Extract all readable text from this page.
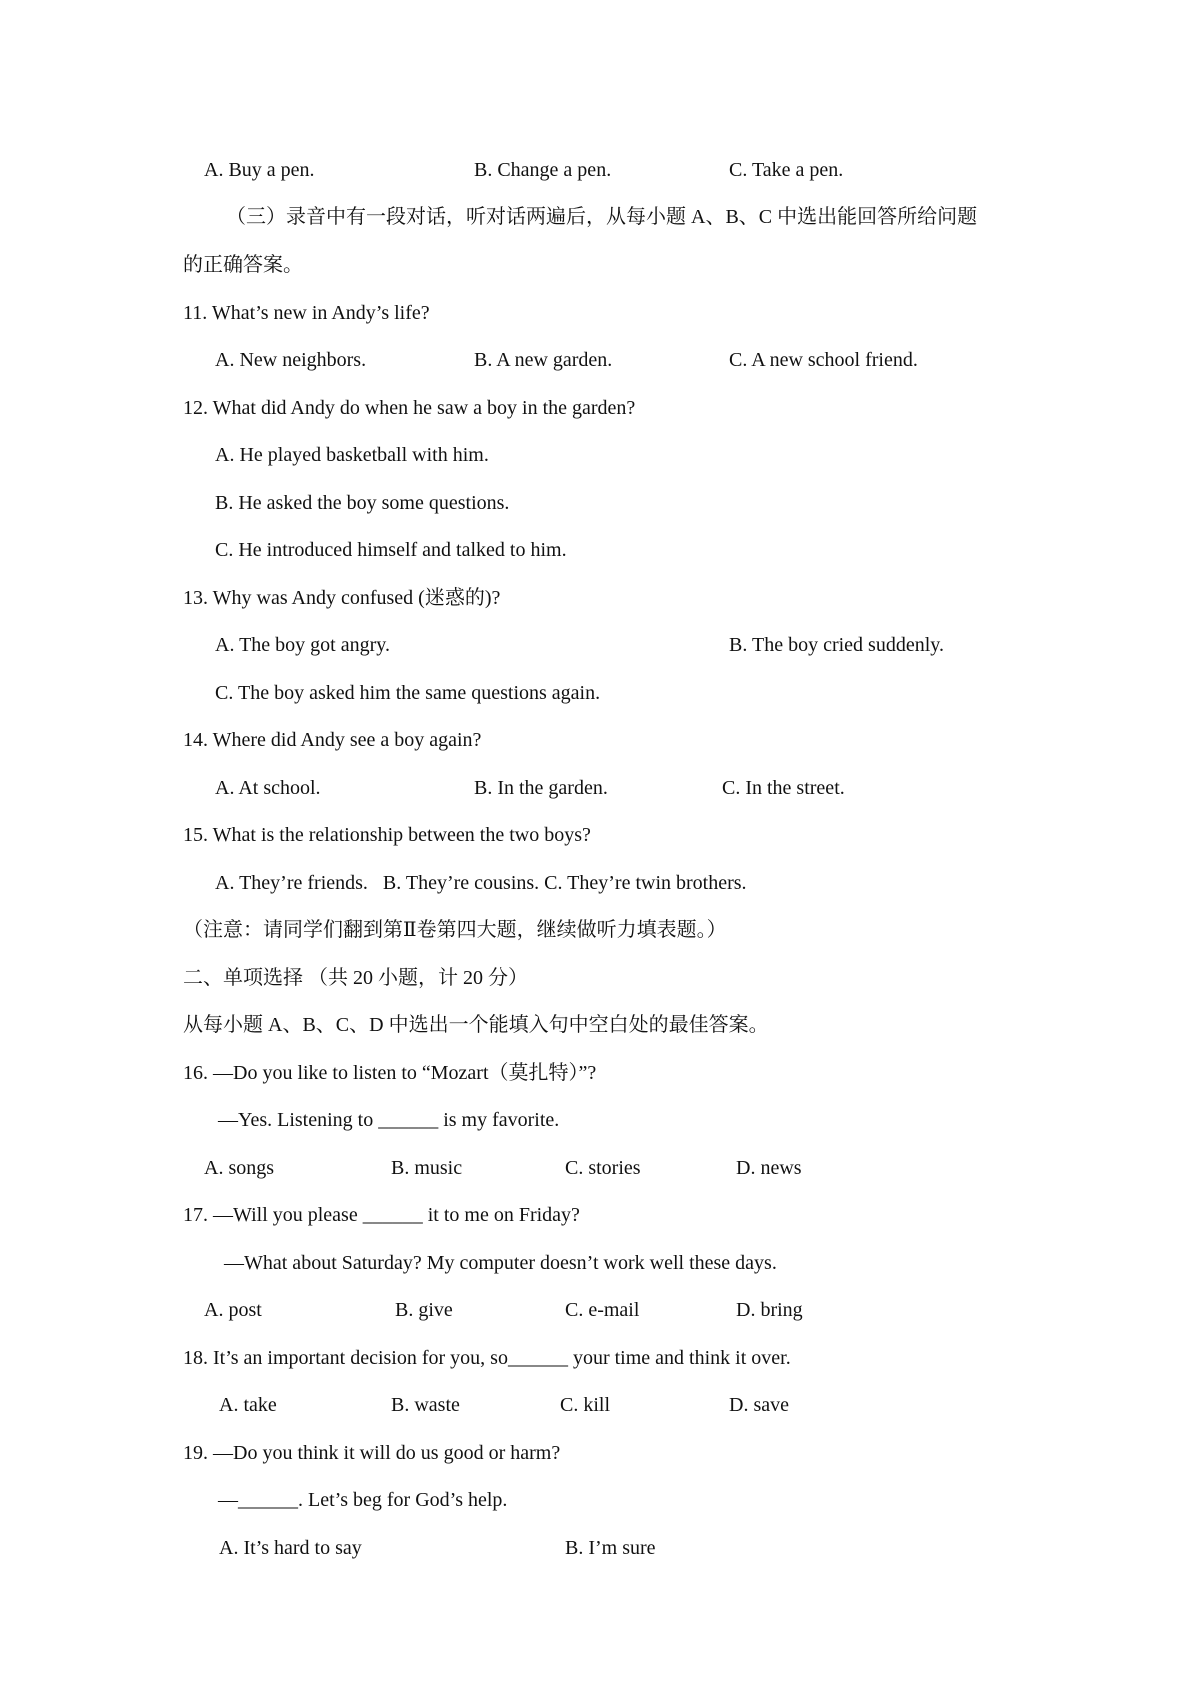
A. Buy a pen.	B. Change a pen.	C. Take a pen.
（三）录音中有一段对话，听对话两遍后，从每小题 A、B、C 中选出能回答所给问题
的正确答案。
11. What’s new in Andy’s life?
A. New neighbors.	B. A new garden.	C. A new school friend.
12. What did Andy do when he saw a boy in the garden?
A. He played basketball with him.
B. He asked the boy some questions.
C. He introduced himself and talked to him.
13. Why was Andy confused (迷惑的)?
A. The boy got angry.	B. The boy cried suddenly.
C. The boy asked him the same questions again.
14. Where did Andy see a boy again?
A. At school.	B. In the garden.	C. In the street.
15. What is the relationship between the two boys?
A. They’re friends.   B. They’re cousins. C. They’re twin brothers.
（注意：请同学们翻到第Ⅱ卷第四大题，继续做听力填表题。）
二、单项选择 （共 20 小题，计 20 分）
从每小题 A、B、C、D 中选出一个能填入句中空白处的最佳答案。
16. —Do you like to listen to “Mozart（莫扎特）”?
—Yes. Listening to ______ is my favorite.
A. songs	B. music	C. stories	D. news
17. —Will you please ______ it to me on Friday?
—What about Saturday? My computer doesn’t work well these days.
A. post	B. give	C. e-mail	D. bring
18. It’s an important decision for you, so______ your time and think it over.
A. take	B. waste	C. kill	D. save
19. —Do you think it will do us good or harm?
—______. Let’s beg for God’s help.
A. It’s hard to say	B. I’m sure
